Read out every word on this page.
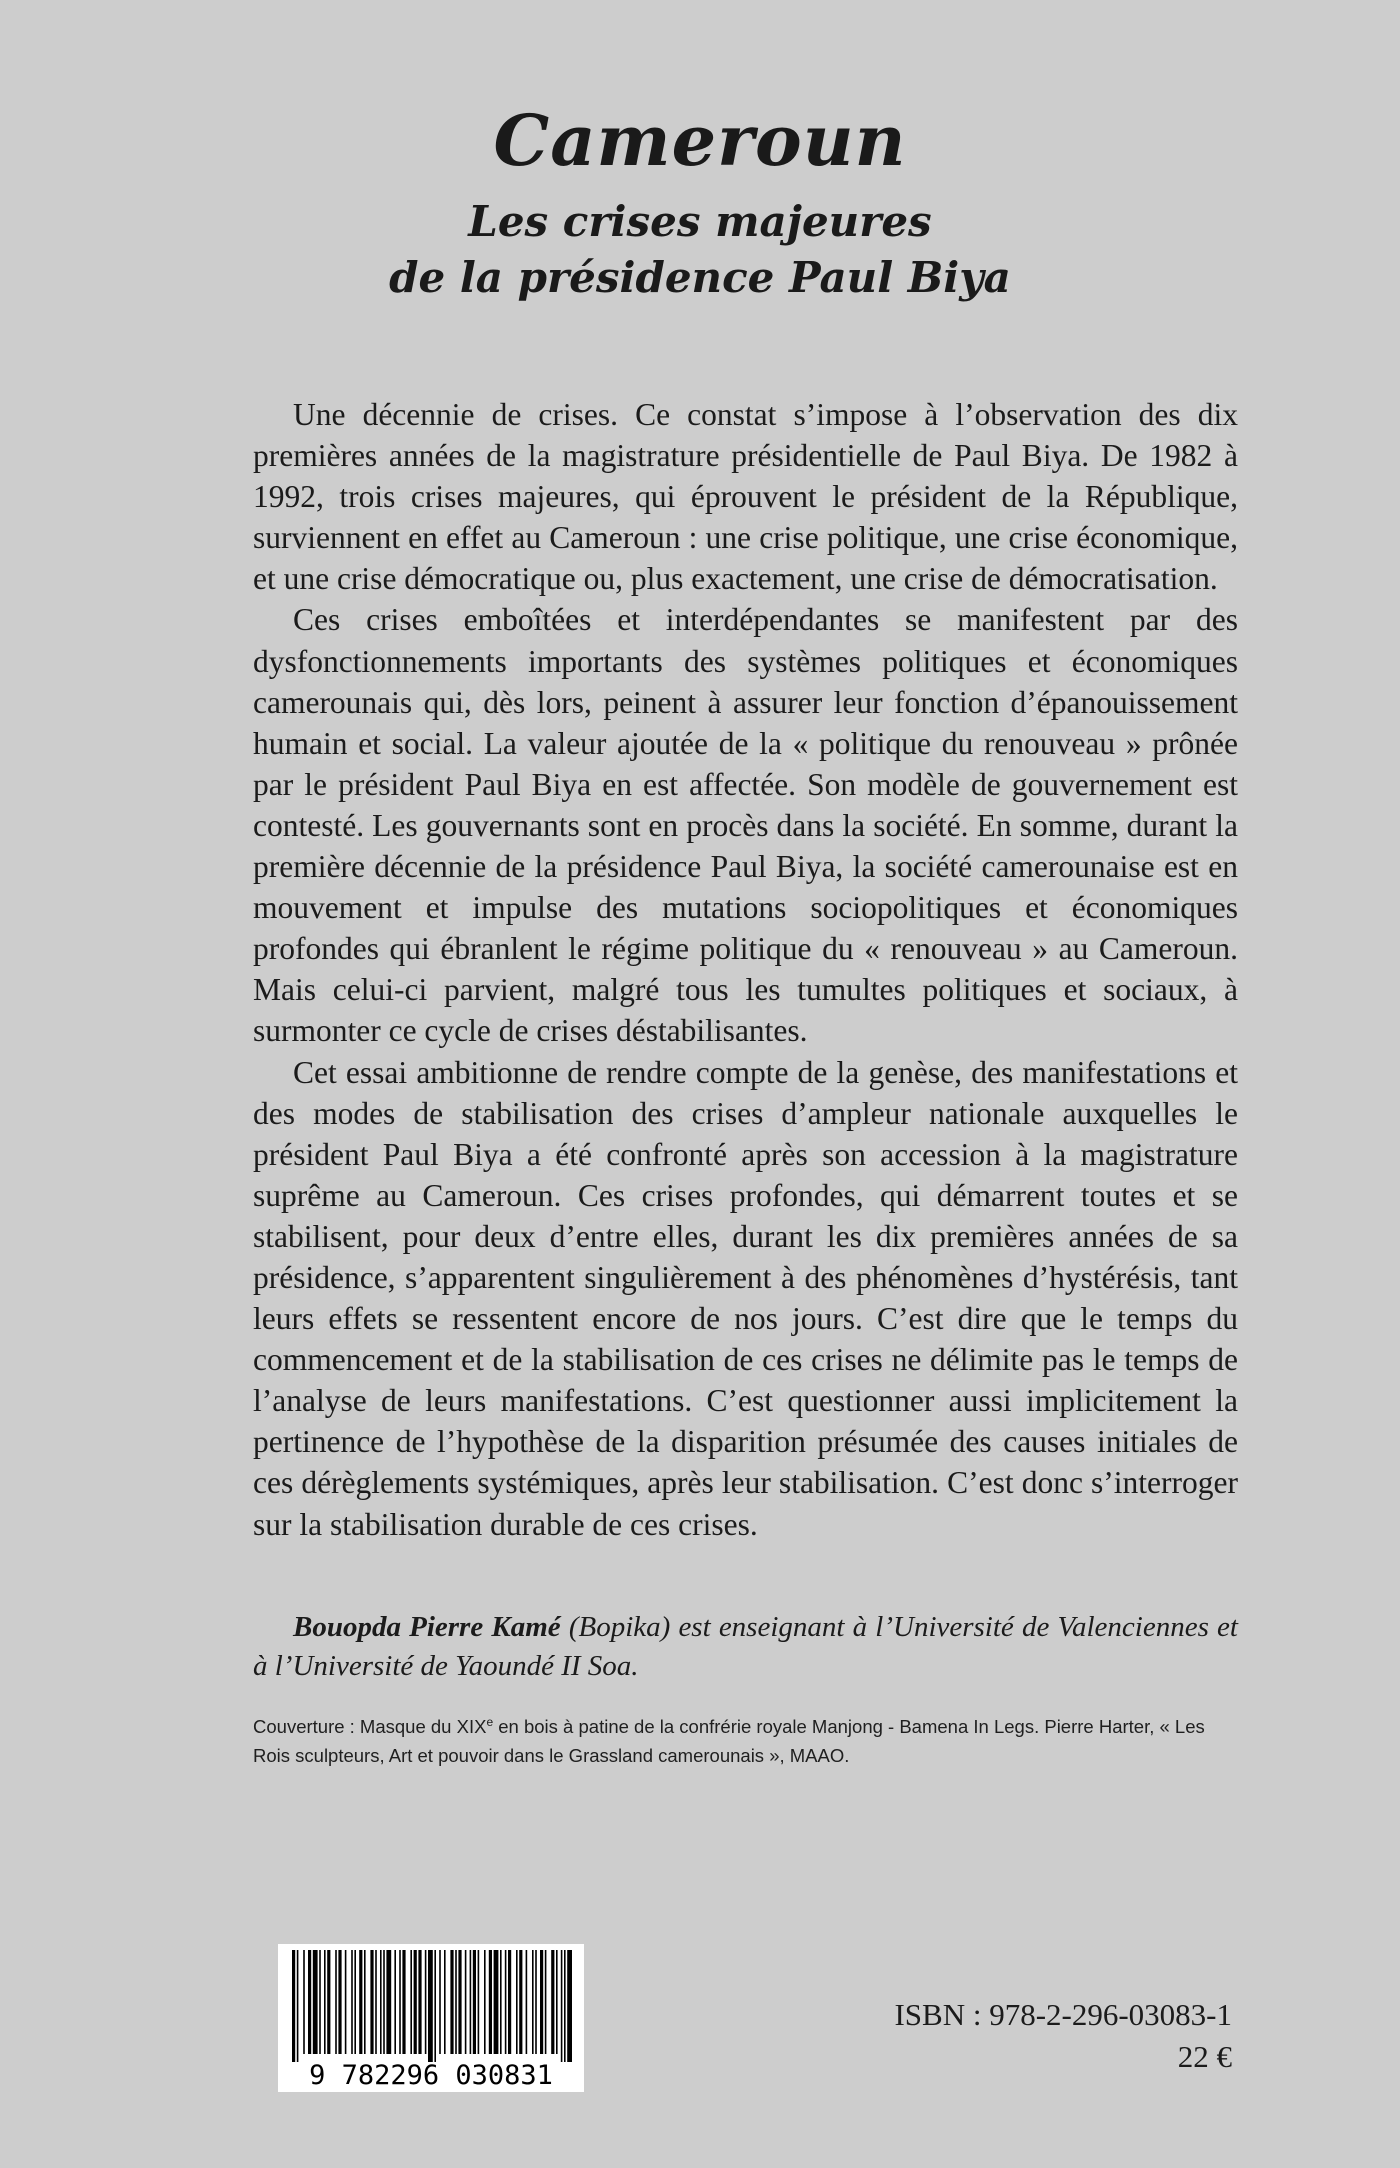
Cameroun

Les crises majeures

de la présidence Paul Biya

Une décennie de crises. Ce constat s’impose à l’observation des dix premières années de la magistrature présidentielle de Paul Biya. De 1982 à 1992, trois crises majeures, qui éprouvent le président de la République, surviennent en effet au Cameroun : une crise politique, une crise économique, et une crise démocratique ou, plus exactement, une crise de démocratisation.

Ces crises emboîtées et interdépendantes se manifestent par des dysfonctionnements importants des systèmes politiques et économiques camerounais qui, dès lors, peinent à assurer leur fonction d’épanouissement humain et social. La valeur ajoutée de la « politique du renouveau » prônée par le président Paul Biya en est affectée. Son modèle de gouvernement est contesté. Les gouvernants sont en procès dans la société. En somme, durant la première décennie de la présidence Paul Biya, la société camerounaise est en mouvement et impulse des mutations sociopolitiques et économiques profondes qui ébranlent le régime politique du « renouveau » au Cameroun. Mais celui-ci parvient, malgré tous les tumultes politiques et sociaux, à surmonter ce cycle de crises déstabilisantes.

Cet essai ambitionne de rendre compte de la genèse, des manifestations et des modes de stabilisation des crises d’ampleur nationale auxquelles le président Paul Biya a été confronté après son accession à la magistrature suprême au Cameroun. Ces crises profondes, qui démarrent toutes et se stabilisent, pour deux d’entre elles, durant les dix premières années de sa présidence, s’apparentent singulièrement à des phénomènes d’hystérésis, tant leurs effets se ressentent encore de nos jours. C’est dire que le temps du commencement et de la stabilisation de ces crises ne délimite pas le temps de l’analyse de leurs manifestations. C’est questionner aussi implicitement la pertinence de l’hypothèse de la disparition présumée des causes initiales de ces dérèglements systémiques, après leur stabilisation. C’est donc s’interroger sur la stabilisation durable de ces crises.

Bouopda Pierre Kamé (Bopika) est enseignant à l’Université de Valenciennes et à l’Université de Yaoundé II Soa.
Couverture : Masque du XIXe en bois à patine de la confrérie royale Manjong - Bamena In Legs. Pierre Harter, « Les Rois sculpteurs, Art et pouvoir dans le Grassland camerounais », MAAO.
9 782296 030831
ISBN : 978-2-296-03083-1
22 €
